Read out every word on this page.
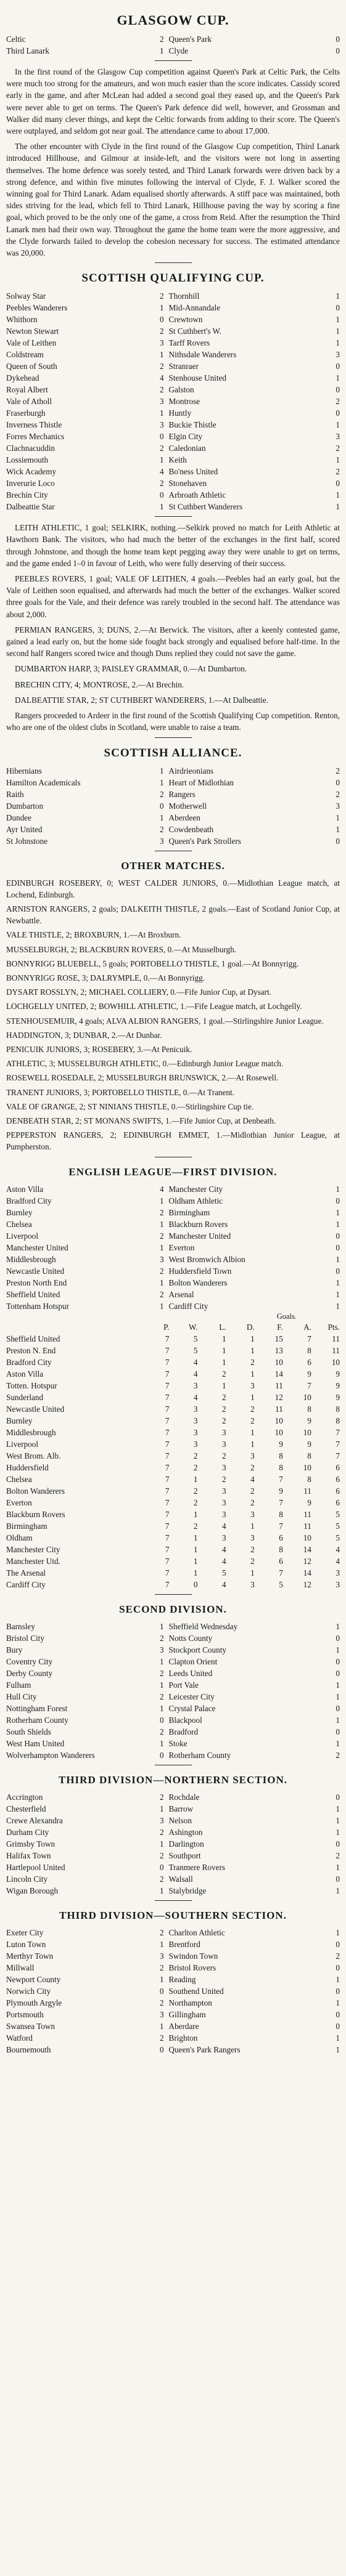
GLASGOW CUP.
Celtic	2	Queen's Park	0
Third Lanark	1	Clyde	0

In the first round of the Glasgow Cup competition against Queen's Park at Celtic Park, the Celts were much too strong for the amateurs, and won much easier than the score indicates. Cassidy scored early in the game, and after McLean had added a second goal they eased up, and the Queen's Park were never able to get on terms. The Queen's Park defence did well, however, and Grossman and Walker did many clever things, and kept the Celtic forwards from adding to their score. The Queen's were outplayed, and seldom got near goal. The attendance came to about 17,000.

The other encounter with Clyde in the first round of the Glasgow Cup competition, Third Lanark introduced Hillhouse, and Gilmour at inside-left, and the visitors were not long in asserting themselves. The home defence was sorely tested, and Third Lanark forwards were driven back by a strong defence, and within five minutes following the interval of Clyde, F. J. Walker scored the winning goal for Third Lanark. Adam equalised shortly afterwards. A stiff pace was maintained, both sides striving for the lead, which fell to Third Lanark, Hillhouse paving the way by scoring a fine goal, which proved to be the only one of the game, a cross from Reid. After the resumption the Third Lanark men had their own way. Throughout the game the home team were the more aggressive, and the Clyde forwards failed to develop the cohesion necessary for success. The estimated attendance was 20,000.

SCOTTISH QUALIFYING CUP.
Solway Star	2	Thornhill	1
Peebles Wanderers	1	Mid-Annandale	0
Whithorn	0	Crewtown	1
Newton Stewart	2	St Cuthbert's W.	1
Vale of Leithen	3	Tarff Rovers	1
Coldstream	1	Nithsdale Wanderers	3
Queen of South	2	Stranraer	0
Dykehead	4	Stenhouse United	1
Royal Albert	2	Galston	0
Vale of Atholl	3	Montrose	2
Fraserburgh	1	Huntly	0
Inverness Thistle	3	Buckie Thistle	1
Forres Mechanics	0	Elgin City	3
Clachnacuddin	2	Caledonian	2
Lossiemouth	1	Keith	1
Wick Academy	4	Bo'ness United	2
Inverurie Loco	2	Stonehaven	0
Brechin City	0	Arbroath Athletic	1
Dalbeattie Star	1	St Cuthbert Wanderers	1

LEITH ATHLETIC, 1 goal; SELKIRK, nothing.—Selkirk proved no match for Leith Athletic at Hawthorn Bank. The visitors, who had much the better of the exchanges in the first half, scored through Johnstone, and though the home team kept pegging away they were unable to get on terms, and the game ended 1–0 in favour of Leith, who were fully deserving of their success.

PEEBLES ROVERS, 1 goal; VALE OF LEITHEN, 4 goals.—Peebles had an early goal, but the Vale of Leithen soon equalised, and afterwards had much the better of the exchanges. Walker scored three goals for the Vale, and their defence was rarely troubled in the second half. The attendance was about 2,000.

PERMIAN RANGERS, 3; DUNS, 2.—At Berwick. The visitors, after a keenly contested game, gained a lead early on, but the home side fought back strongly and equalised before half-time. In the second half Rangers scored twice and though Duns replied they could not save the game.

DUMBARTON HARP, 3; PAISLEY GRAMMAR, 0.—At Dumbarton.

BRECHIN CITY, 4; MONTROSE, 2.—At Brechin.

DALBEATTIE STAR, 2; ST CUTHBERT WANDERERS, 1.—At Dalbeattie.

Rangers proceeded to Ardeer in the first round of the Scottish Qualifying Cup competition. Renton, who are one of the oldest clubs in Scotland, were unable to raise a team.

SCOTTISH ALLIANCE.
Hibernians	1	Airdrieonians	2
Hamilton Academicals	1	Heart of Midlothian	0
Raith	2	Rangers	2
Dumbarton	0	Motherwell	3
Dundee	1	Aberdeen	1
Ayr United	2	Cowdenbeath	1
St Johnstone	3	Queen's Park Strollers	0
OTHER MATCHES.

EDINBURGH ROSEBERY, 0; WEST CALDER JUNIORS, 0.—Midlothian League match, at Lochend, Edinburgh.

ARNISTON RANGERS, 2 goals; DALKEITH THISTLE, 2 goals.—East of Scotland Junior Cup, at Newbattle.

VALE THISTLE, 2; BROXBURN, 1.—At Broxburn.

MUSSELBURGH, 2; BLACKBURN ROVERS, 0.—At Musselburgh.

BONNYRIGG BLUEBELL, 5 goals; PORTOBELLO THISTLE, 1 goal.—At Bonnyrigg.

BONNYRIGG ROSE, 3; DALRYMPLE, 0.—At Bonnyrigg.

DYSART ROSSLYN, 2; MICHAEL COLLIERY, 0.—Fife Junior Cup, at Dysart.

LOCHGELLY UNITED, 2; BOWHILL ATHLETIC, 1.—Fife League match, at Lochgelly.

STENHOUSEMUIR, 4 goals; ALVA ALBION RANGERS, 1 goal.—Stirlingshire Junior League.

HADDINGTON, 3; DUNBAR, 2.—At Dunbar.

PENICUIK JUNIORS, 3; ROSEBERY, 3.—At Penicuik.

ATHLETIC, 3; MUSSELBURGH ATHLETIC, 0.—Edinburgh Junior League match.

ROSEWELL ROSEDALE, 2; MUSSELBURGH BRUNSWICK, 2.—At Rosewell.

TRANENT JUNIORS, 3; PORTOBELLO THISTLE, 0.—At Tranent.

VALE OF GRANGE, 2; ST NINIANS THISTLE, 0.—Stirlingshire Cup tie.

DENBEATH STAR, 2; ST MONANS SWIFTS, 1.—Fife Junior Cup, at Denbeath.

PEPPERSTON RANGERS, 2; EDINBURGH EMMET, 1.—Midlothian Junior League, at Pumpherston.

ENGLISH LEAGUE—FIRST DIVISION.
Aston Villa	4	Manchester City	1
Bradford City	1	Oldham Athletic	0
Burnley	2	Birmingham	1
Chelsea	1	Blackburn Rovers	1
Liverpool	2	Manchester United	0
Manchester United	1	Everton	0
Middlesbrough	3	West Bromwich Albion	1
Newcastle United	2	Huddersfield Town	0
Preston North End	1	Bolton Wanderers	1
Sheffield United	2	Arsenal	1
Tottenham Hotspur	1	Cardiff City	1
Goals.
	P.	W.	L.	D.	F.	A.	Pts.
Sheffield United	7	5	1	1	15	7	11
Preston N. End	7	5	1	1	13	8	11
Bradford City	7	4	1	2	10	6	10
Aston Villa	7	4	2	1	14	9	9
Totten. Hotspur	7	3	1	3	11	7	9
Sunderland	7	4	2	1	12	10	9
Newcastle United	7	3	2	2	11	8	8
Burnley	7	3	2	2	10	9	8
Middlesbrough	7	3	3	1	10	10	7
Liverpool	7	3	3	1	9	9	7
West Brom. Alb.	7	2	2	3	8	8	7
Huddersfield	7	2	3	2	8	10	6
Chelsea	7	1	2	4	7	8	6
Bolton Wanderers	7	2	3	2	9	11	6
Everton	7	2	3	2	7	9	6
Blackburn Rovers	7	1	3	3	8	11	5
Birmingham	7	2	4	1	7	11	5
Oldham	7	1	3	3	6	10	5
Manchester City	7	1	4	2	8	14	4
Manchester Utd.	7	1	4	2	6	12	4
The Arsenal	7	1	5	1	7	14	3
Cardiff City	7	0	4	3	5	12	3
SECOND DIVISION.
Barnsley	1	Sheffield Wednesday	1
Bristol City	2	Notts County	0
Bury	3	Stockport County	1
Coventry City	1	Clapton Orient	0
Derby County	2	Leeds United	0
Fulham	1	Port Vale	1
Hull City	2	Leicester City	1
Nottingham Forest	1	Crystal Palace	0
Rotherham County	0	Blackpool	1
South Shields	2	Bradford	0
West Ham United	1	Stoke	1
Wolverhampton Wanderers	0	Rotherham County	2
THIRD DIVISION—NORTHERN SECTION.
Accrington	2	Rochdale	0
Chesterfield	1	Barrow	1
Crewe Alexandra	3	Nelson	1
Durham City	2	Ashington	1
Grimsby Town	1	Darlington	0
Halifax Town	2	Southport	2
Hartlepool United	0	Tranmere Rovers	1
Lincoln City	2	Walsall	0
Wigan Borough	1	Stalybridge	1
THIRD DIVISION—SOUTHERN SECTION.
Exeter City	2	Charlton Athletic	1
Luton Town	1	Brentford	0
Merthyr Town	3	Swindon Town	2
Millwall	2	Bristol Rovers	0
Newport County	1	Reading	1
Norwich City	0	Southend United	0
Plymouth Argyle	2	Northampton	1
Portsmouth	3	Gillingham	0
Swansea Town	1	Aberdare	0
Watford	2	Brighton	1
Bournemouth	0	Queen's Park Rangers	1
